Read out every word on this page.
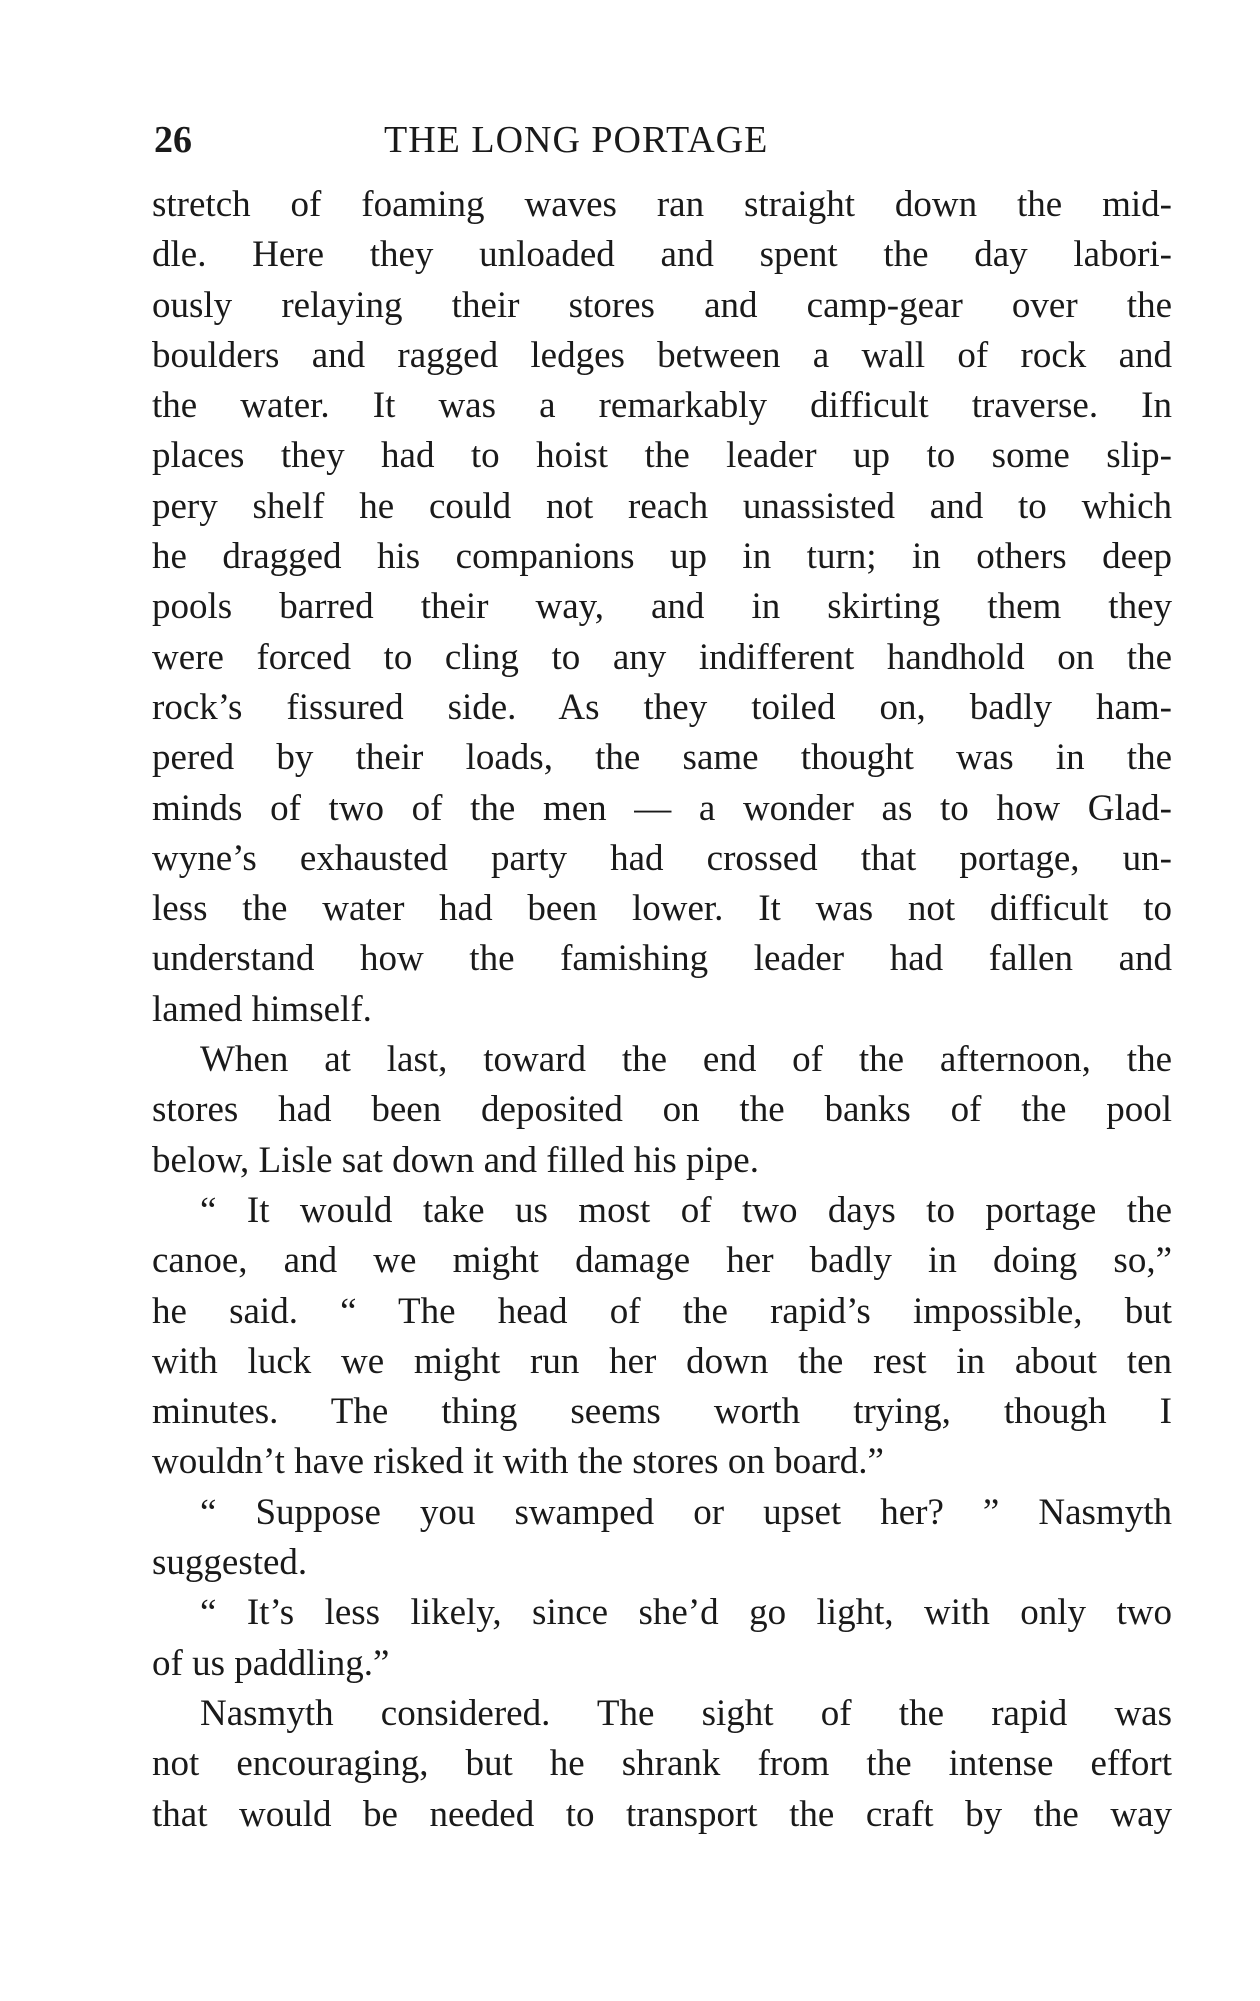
26	THE LONG PORTAGE
stretch of foaming waves ran straight down the mid-
dle. Here they unloaded and spent the day labori-
ously relaying their stores and camp-gear over the
boulders and ragged ledges between a wall of rock and
the water. It was a remarkably difficult traverse. In
places they had to hoist the leader up to some slip-
pery shelf he could not reach unassisted and to which
he dragged his companions up in turn; in others deep
pools barred their way, and in skirting them they
were forced to cling to any indifferent handhold on the
rock’s fissured side. As they toiled on, badly ham-
pered by their loads, the same thought was in the
minds of two of the men — a wonder as to how Glad-
wyne’s exhausted party had crossed that portage, un-
less the water had been lower. It was not difficult to
understand how the famishing leader had fallen and
lamed himself.
When at last, toward the end of the afternoon, the
stores had been deposited on the banks of the pool
below, Lisle sat down and filled his pipe.
“ It would take us most of two days to portage the
canoe, and we might damage her badly in doing so,”
he said. “ The head of the rapid’s impossible, but
with luck we might run her down the rest in about ten
minutes. The thing seems worth trying, though I
wouldn’t have risked it with the stores on board.”
“ Suppose you swamped or upset her? ” Nasmyth
suggested.
“ It’s less likely, since she’d go light, with only two
of us paddling.”
Nasmyth considered. The sight of the rapid was
not encouraging, but he shrank from the intense effort
that would be needed to transport the craft by the way
